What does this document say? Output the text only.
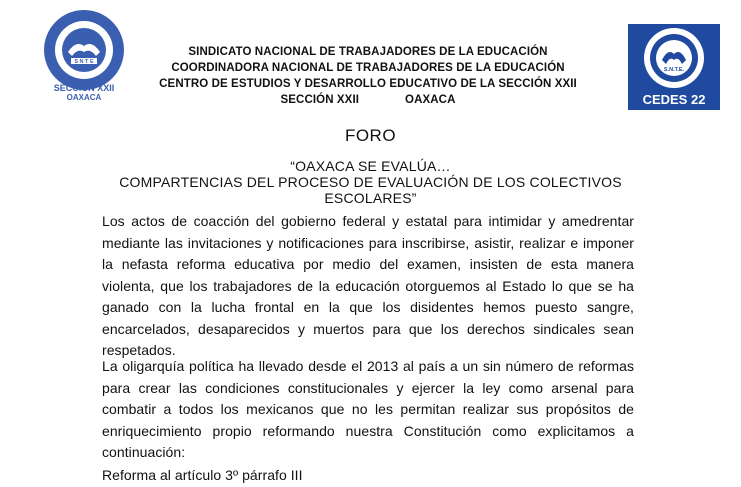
S N T E
SECCION XXII
OAXACA
S.N.T.E.
CEDES 22
SINDICATO NACIONAL DE TRABAJADORES DE LA EDUCACIÓN
COORDINADORA NACIONAL DE TRABAJADORES DE LA EDUCACIÓN
CENTRO DE ESTUDIOS Y DESARROLLO EDUCATIVO DE LA SECCIÓN XXII
SECCIÓN XXII	OAXACA
FORO
“OAXACA SE EVALÚA…
COMPARTENCIAS DEL PROCESO DE EVALUACIÓN DE LOS COLECTIVOS
ESCOLARES”
Los actos de coacción del gobierno federal y estatal para intimidar y amedrentar mediante las invitaciones y notificaciones para inscribirse, asistir, realizar e imponer la nefasta reforma educativa por medio del examen, insisten de esta manera violenta, que los trabajadores de la educación otorguemos al Estado lo que se ha ganado con la lucha frontal en la que los disidentes hemos puesto sangre, encarcelados, desaparecidos y muertos para que los derechos sindicales sean respetados.
La oligarquía política ha llevado desde el 2013 al país a un sin número de reformas para crear las condiciones constitucionales y ejercer la ley como arsenal para combatir a todos los mexicanos que no les permitan realizar sus propósitos de enriquecimiento propio reformando nuestra Constitución como explicitamos a continuación:
Reforma al artículo 3º párrafo III
